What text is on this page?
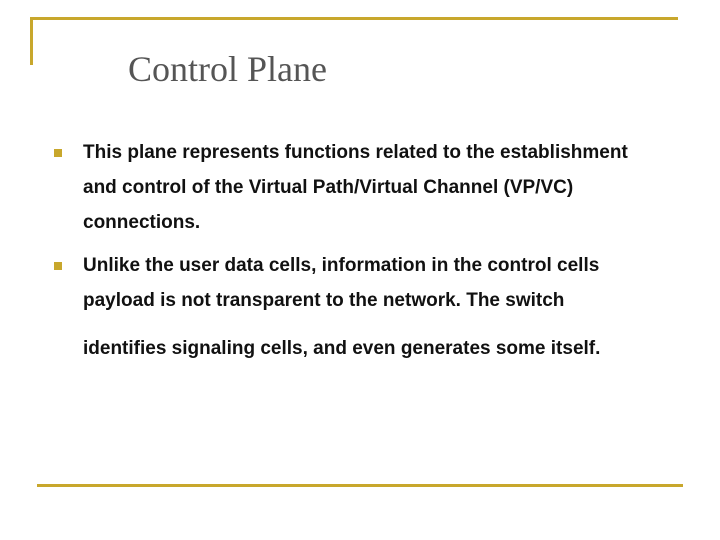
Control Plane
This plane represents functions related to the establishment
and control of the Virtual Path/Virtual Channel (VP/VC)
connections.
Unlike the user data cells, information in the control cells
payload is not transparent to the network. The switch
identifies signaling cells, and even generates some itself.
